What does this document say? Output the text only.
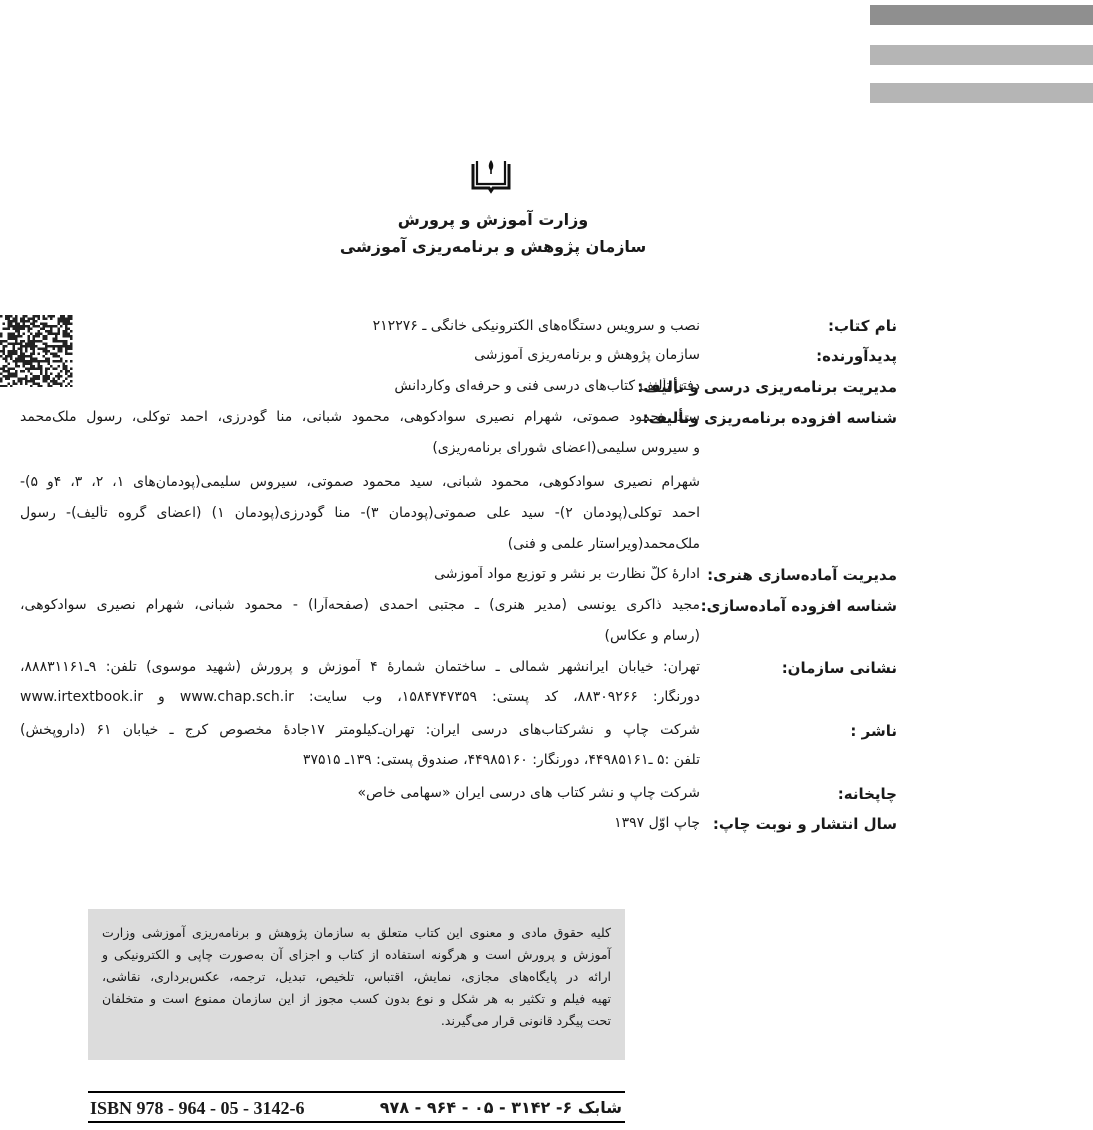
وزارت آموزش و پرورش
سازمان پژوهش و برنامه‌ریزی آموزشی
نام کتاب:
نصب و سرویس دستگاه‌های الکترونیکی خانگی ـ ۲۱۲۲۷۶
پدیدآورنده:
سازمان پژوهش و برنامه‌ریزی آموزشی
مدیریت برنامه‌ریزی درسی و تألیف:
دفتر تألیف کتاب‌های درسی فنی و حرفه‌ای وکاردانش
شناسه افزوده برنامه‌ریزی وتألیف:
سید محمود صموتی، شهرام نصیری سوادکوهی، محمود شبانی، منا گودرزی، احمد توکلی، رسول ملک‌محمد
و سیروس سلیمی(اعضای شورای برنامه‌ریزی)
شهرام نصیری سوادکوهی، محمود شبانی، سید محمود صموتی، سیروس سلیمی(پودمان‌های ۱، ۲، ۳، ۴و ۵)-
احمد توکلی(پودمان ۲)- سید علی صموتی(پودمان ۳)- منا گودرزی(پودمان ۱) (اعضای گروه تألیف)- رسول
ملک‌محمد(ویراستار علمی و فنی)
مدیریت آماده‌سازی هنری:
ادارهٔ کلّ نظارت بر نشر و توزیع مواد آموزشی
شناسه افزوده آماده‌سازی:
مجید ذاکری یونسی (مدیر هنری) ـ مجتبی احمدی (صفحه‌آرا) - محمود شبانی، شهرام نصیری سوادکوهی،
(رسام و عکاس)
نشانی سازمان:
تهران: خیابان ایرانشهر شمالی ـ ساختمان شمارهٔ ۴ آموزش و پرورش (شهید موسوی) تلفن: ۹ـ۸۸۸۳۱۱۶۱،
دورنگار: ۸۸۳۰۹۲۶۶، کد پستی: ۱۵۸۴۷۴۷۳۵۹، وب سایت: www.chap.sch.ir و www.irtextbook.ir
ناشر :
شرکت چاپ و نشرکتاب‌های درسی ایران: تهران‌ـ‌کیلومتر ۱۷جادهٔ مخصوص کرج ـ خیابان ۶۱ (داروپخش)
تلفن :۵ ـ۴۴۹۸۵۱۶۱، دورنگار: ۴۴۹۸۵۱۶۰، صندوق پستی: ۱۳۹ـ ۳۷۵۱۵
چاپخانه:
شرکت چاپ و نشر کتاب های درسی ایران «سهامی خاص»
سال انتشار و نوبت چاپ:
چاپ اوّل ۱۳۹۷
کلیه حقوق مادی و معنوی این کتاب متعلق به سازمان پژوهش و برنامه‌ریزی آموزشی وزارت
آموزش و پرورش است و هرگونه استفاده از کتاب و اجزای آن به‌صورت چاپی و الکترونیکی و
ارائه در پایگاه‌های مجازی، نمایش، اقتباس، تلخیص، تبدیل، ترجمه، عکس‌برداری، نقاشی،
تهیه فیلم و تکثیر به هر شکل و نوع بدون کسب مجوز از این سازمان ممنوع است و متخلفان
تحت پیگرد قانونی قرار می‌گیرند.
شابک ۶- ۳۱۴۲ - ۰۵ - ۹۶۴ - ۹۷۸
ISBN 978 - 964 - 05 - 3142-6
